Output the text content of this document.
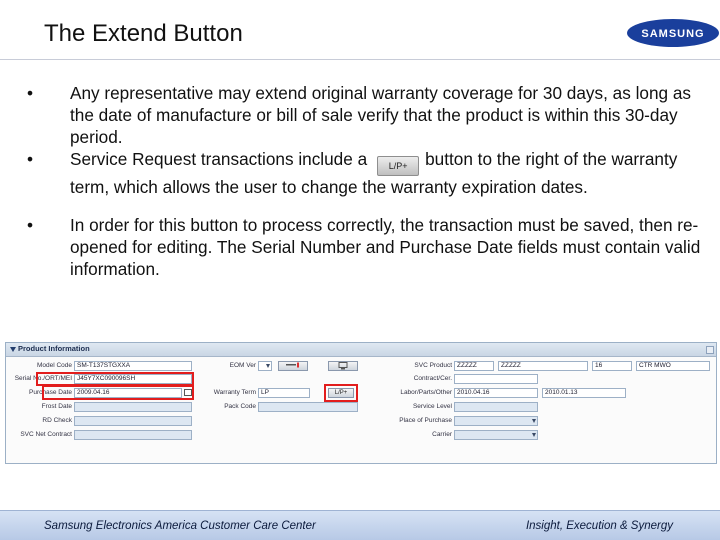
The Extend Button	SAMSUNG
• Any representative may extend original warranty coverage for 30 days, as long as the date of manufacture or bill of sale verify that the product is within this 30-day period.
• Service Request transactions include a L/P+ button to the right of the warranty term, which allows the user to change the warranty expiration dates.
• In order for this button to process correctly, the transaction must be saved, then re-opened for editing. The Serial Number and Purchase Date fields must contain valid information.
Product Information
Model Code SM-T137STGXXA
Serial No./ORT/MEI J45Y7XC090096SH
Purchase Date 2009.04.16
Frost Date
RD Check
SVC Net Contract
EOM Ver
Warranty Term LP	L/P+
Pack Code
SVC Product ZZZZZ	ZZZZZ	16	CTR MWO
Contract/Cer.
Labor/Parts/Other 2010.04.16	2010.01.13
Service Level
Place of Purchase
Carrier
Samsung Electronics America Customer Care Center	Insight, Execution & Synergy
